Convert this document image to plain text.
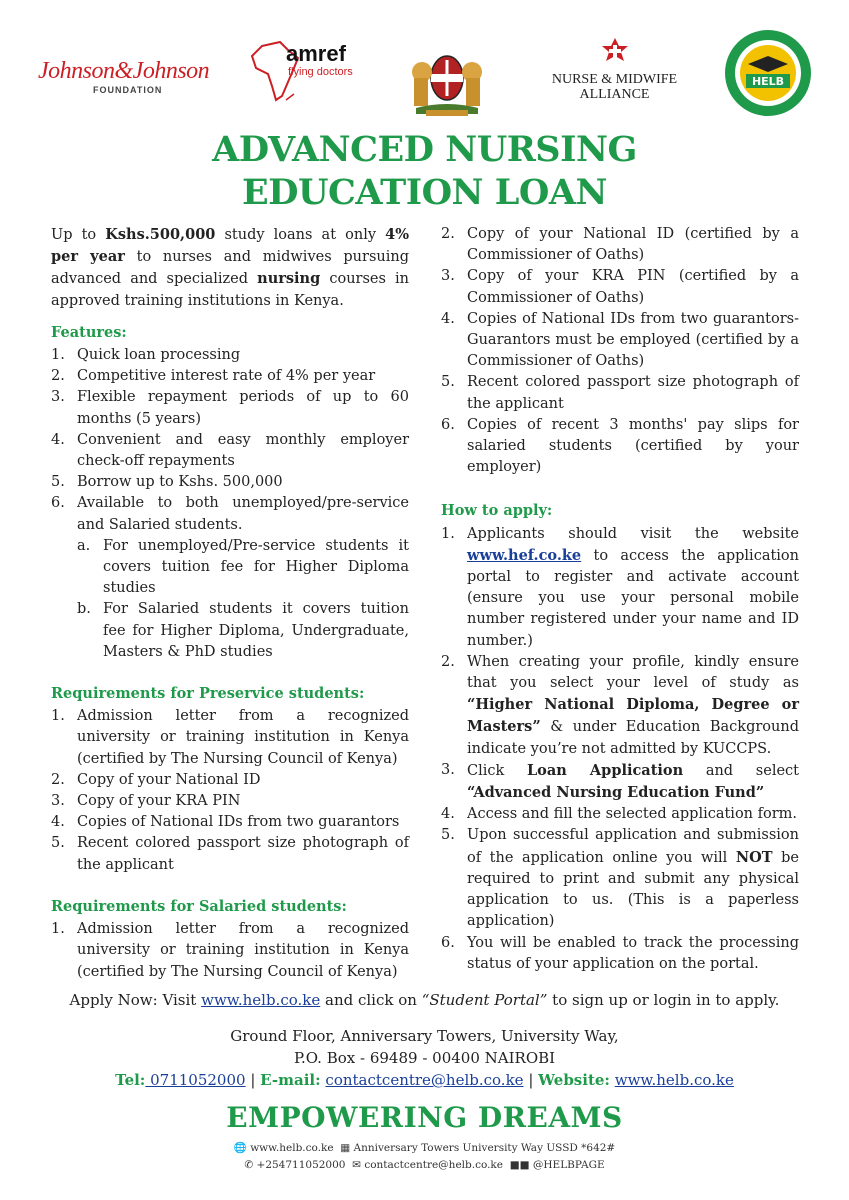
Johnson&Johnson
FOUNDATION
amref
flying doctors	NURSE & MIDWIFE
ALLIANCE
HELB
ADVANCED NURSING
EDUCATION LOAN

Up to Kshs.500,000 study loans at only 4% per year to nurses and midwives pursuing advanced and specialized nursing courses in approved training institutions in Kenya.

Features:
1. Quick loan processing
2. Competitive interest rate of 4% per year
3. Flexible repayment periods of up to 60 months (5 years)
4. Convenient and easy monthly employer check-off repayments
5. Borrow up to Kshs. 500,000
6. Available to both unemployed/pre-service and Salaried students.
a. For unemployed/Pre-service students it covers tuition fee for Higher Diploma studies
b. For Salaried students it covers tuition fee for Higher Diploma, Undergraduate, Masters & PhD studies
Requirements for Preservice students:
1. Admission letter from a recognized university or training institution in Kenya (certified by The Nursing Council of Kenya)
2. Copy of your National ID
3. Copy of your KRA PIN
4. Copies of National IDs from two guarantors
5. Recent colored passport size photograph of the applicant
Requirements for Salaried students:
1. Admission letter from a recognized university or training institution in Kenya (certified by The Nursing Council of Kenya)
2. Copy of your National ID (certified by a Commissioner of Oaths)
3. Copy of your KRA PIN (certified by a Commissioner of Oaths)
4. Copies of National IDs from two guarantors- Guarantors must be employed (certified by a Commissioner of Oaths)
5. Recent colored passport size photograph of the applicant
6. Copies of recent 3 months' pay slips for salaried students (certified by your employer)
How to apply:
1. Applicants should visit the website www.hef.co.ke to access the application portal to register and activate account (ensure you use your personal mobile number registered under your name and ID number.)
2. When creating your profile, kindly ensure that you select your level of study as “Higher National Diploma, Degree or Masters” & under Education Background indicate you’re not admitted by KUCCPS.
3. Click Loan Application and select “Advanced Nursing Education Fund”
4. Access and fill the selected application form.
5. Upon successful application and submission of the application online you will NOT be required to print and submit any physical application to us. (This is a paperless application)
6. You will be enabled to track the processing status of your application on the portal.
Apply Now: Visit www.helb.co.ke and click on “Student Portal” to sign up or login in to apply.
Ground Floor, Anniversary Towers, University Way,
P.O. Box - 69489 - 00400 NAIROBI
Tel: 0711052000 | E-mail: contactcentre@helb.co.ke | Website: www.helb.co.ke
EMPOWERING DREAMS
🌐 www.helb.co.ke ▦ Anniversary Towers University Way USSD *642#
✆ +254711052000 ✉ contactcentre@helb.co.ke ■■ @HELBPAGE
